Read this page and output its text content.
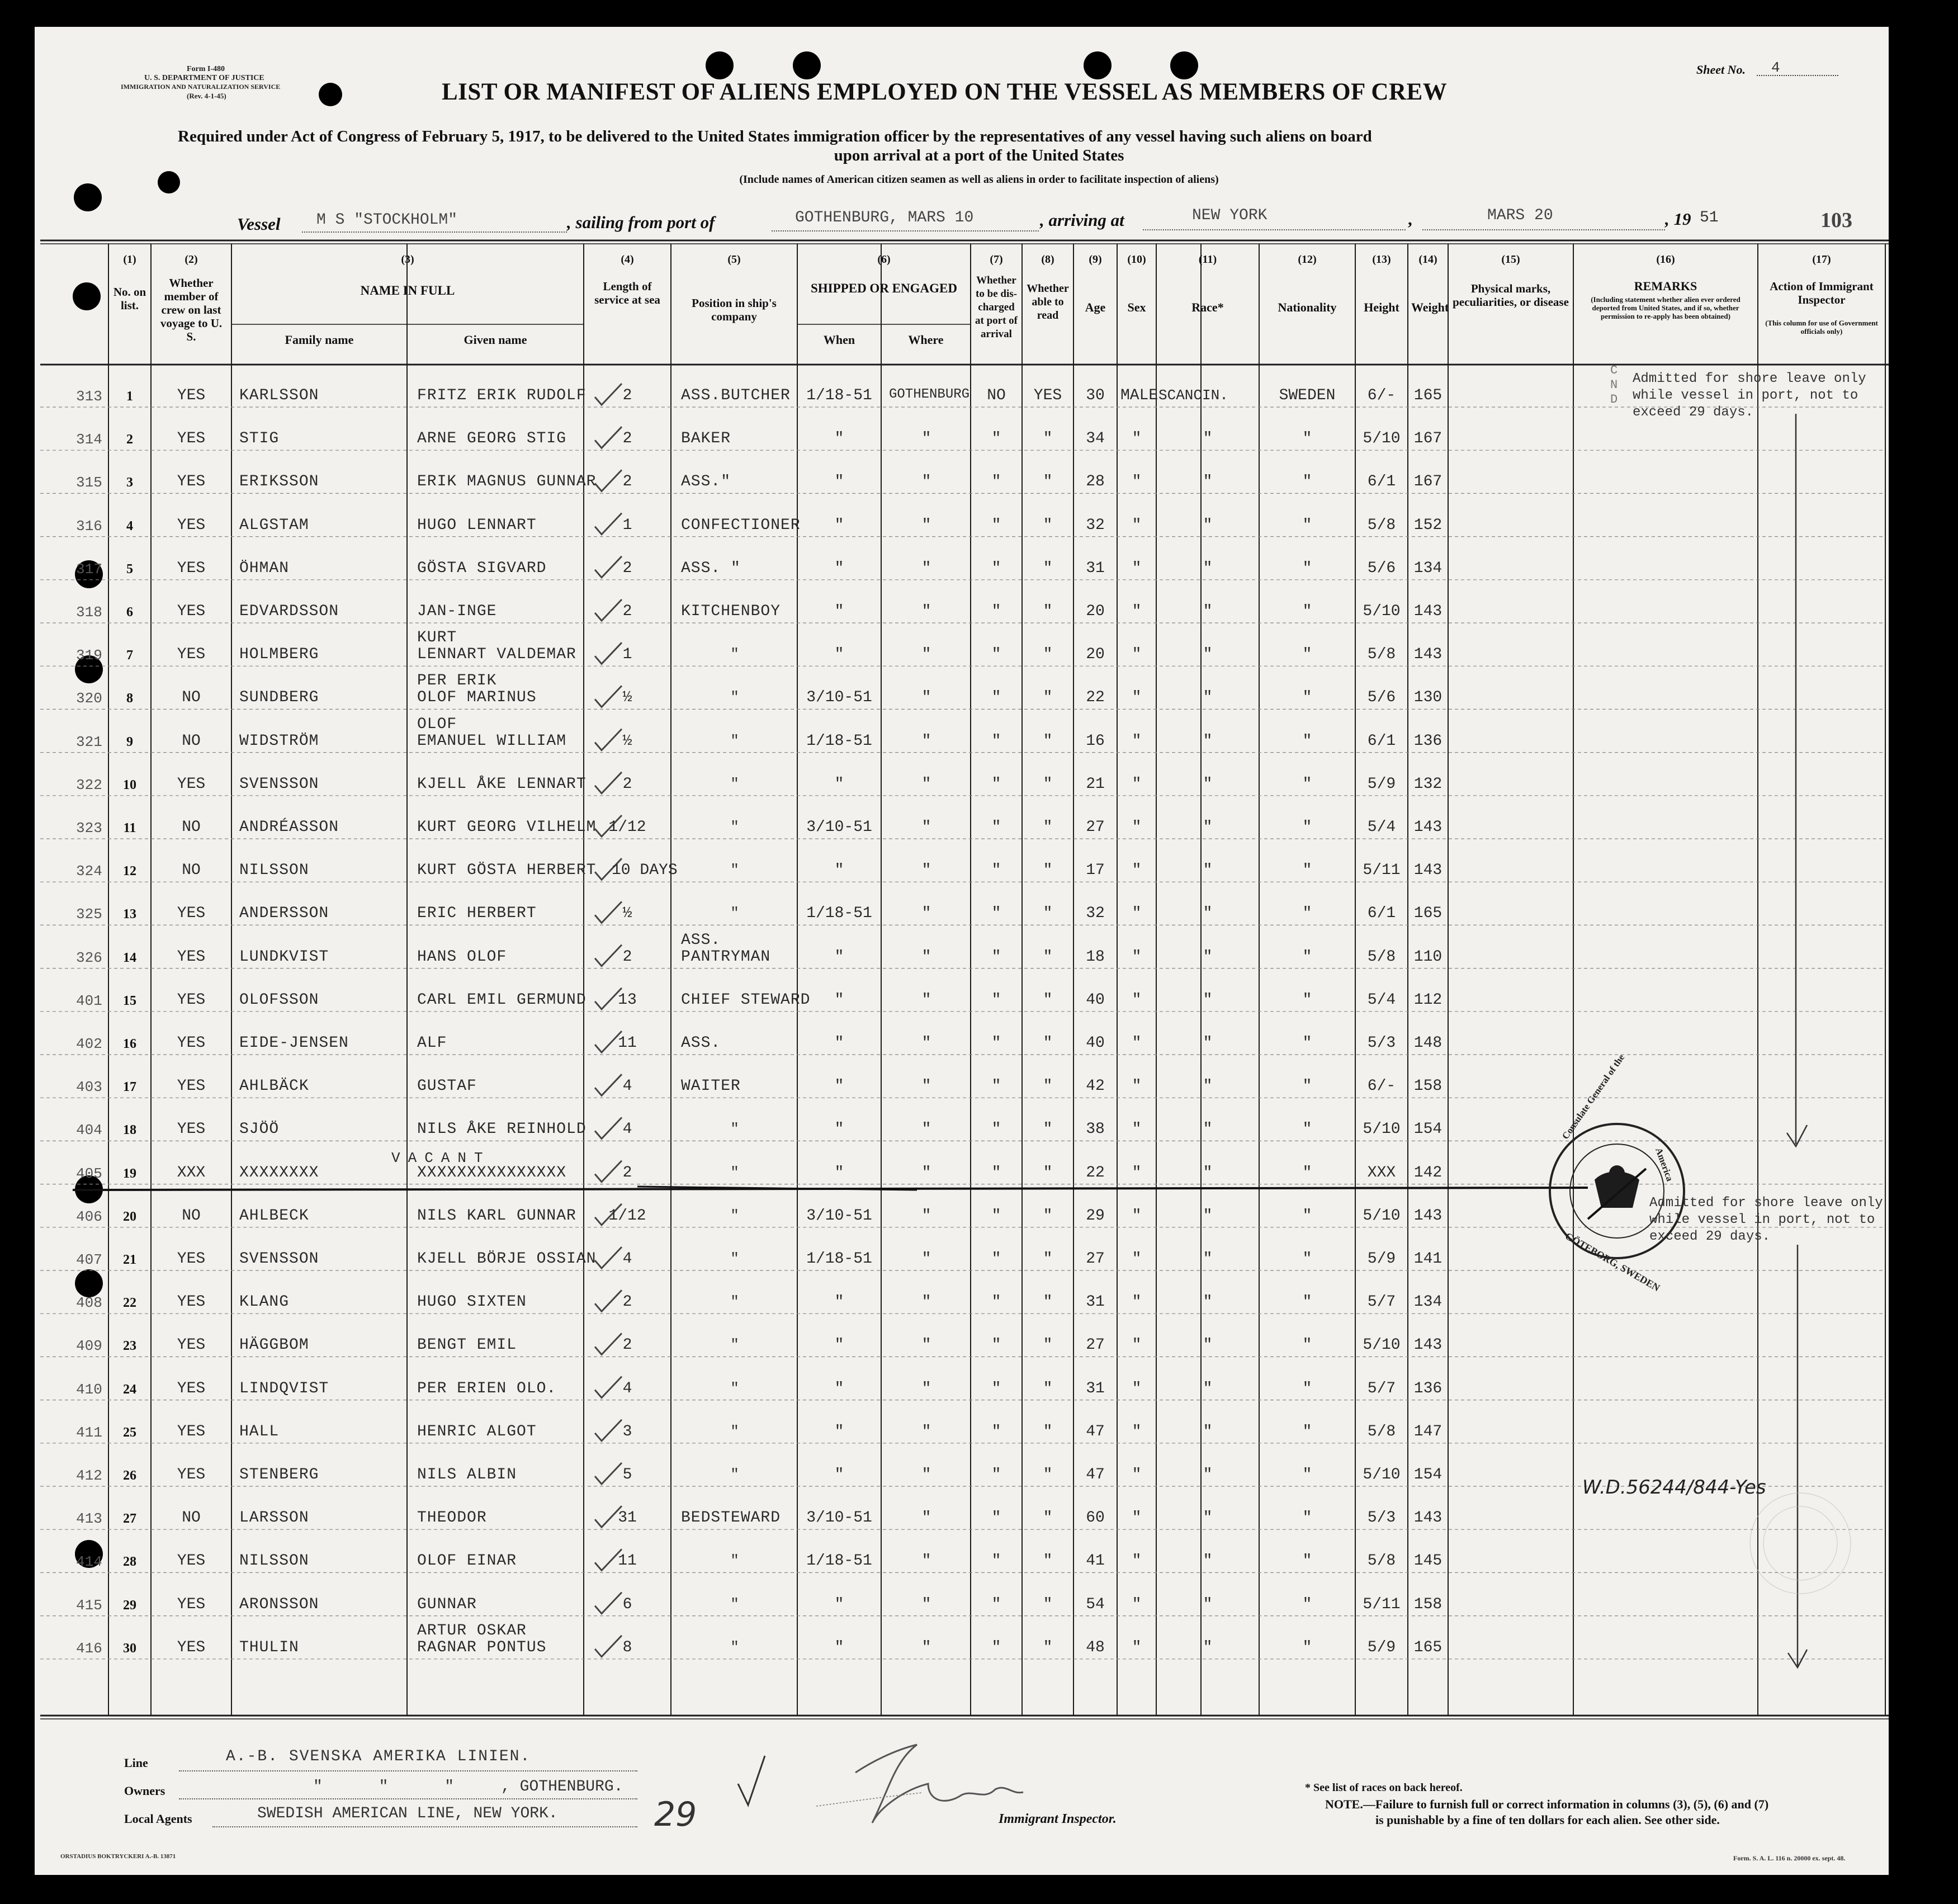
Form I-480
U. S. DEPARTMENT OF JUSTICE
IMMIGRATION AND NATURALIZATION SERVICE
(Rev. 4-1-45)
Sheet No. 4
LIST OR MANIFEST OF ALIENS EMPLOYED ON THE VESSEL AS MEMBERS OF CREW
Required under Act of Congress of February 5, 1917, to be delivered to the United States immigration officer by the representatives of any vessel having such aliens on board
upon arrival at a port of the United States
(Include names of American citizen seamen as well as aliens in order to facilitate inspection of aliens)
Vessel M S "STOCKHOLM"	, sailing from port of	GOTHENBURG, MARS 10	, arriving at	NEW YORK	,	MARS 20	, 19 51	103
(1)	(2)	(3)	(4)	(5)	(6)	(7)	(8)	(9)	(10)	(11)	(12)	(13)	(14)	(15)	(16)	(17)
No. on list.
Whether member of crew on last voyage to U. S.
NAME IN FULL	Length of service at sea	Position in ship's company
SHIPPED OR ENGAGED
Whether to be dis-charged at port of arrival
Whether able to read
Age	Sex	Race*	Nationality	Height Weight
Physical marks, peculiarities, or disease
REMARKS	Action of Immigrant Inspector
Family name	Given name	When	Where
(Including statement whether alien ever ordered deported from United States, and if so, whether permission to re-apply has been obtained)
(This column for use of Government officials only)
313	1	YES	KARLSSON	FRITZ ERIK RUDOLF	2	ASS.BUTCHER	1/18-51	GOTHENBURG	NO	YES	30	MALE SCANCIN.	SWEDEN	6/-	165
314	2	YES	STIG	ARNE GEORG STIG	2	BAKER	"	"	"	"	34	"	"	"	5/10 167
315	3	YES	ERIKSSON	ERIK MAGNUS GUNNAR	2	ASS."	"	"	"	"	28	"	"	"	6/1	167
316	4	YES	ALGSTAM	HUGO LENNART	1	CONFECTIONER	"	"	"	"	32	"	"	"	5/8	152
317	5	YES	ÖHMAN	GÖSTA SIGVARD	2	ASS. "	"	"	"	"	31	"	"	"	5/6	134
318	6	YES	EDVARDSSON	JAN-INGE	2	KITCHENBOY	"	"	"	"	20	"	"	"	5/10 143
319	7	YES	HOLMBERG
KURT
LENNART VALDEMAR	1	"	"	"	"	"	20	"	"	"	5/8	143
320	8	NO	SUNDBERG
PER ERIK
OLOF MARINUS	½	"	3/10-51	"	"	"	22	"	"	"	5/6	130
321	9	NO	WIDSTRÖM
OLOF
EMANUEL WILLIAM	½	"	1/18-51	"	"	"	16	"	"	"	6/1	136
322	10	YES	SVENSSON	KJELL ÅKE LENNART	2	"	"	"	"	"	21	"	"	"	5/9	132
323	11	NO	ANDRÉASSON	KURT GEORG VILHELM 1/12	"	3/10-51	"	"	"	27	"	"	"	5/4	143
324	12	NO	NILSSON	KURT GÖSTA HERBERT 10 DAYS	"	"	"	"	"	17	"	"	"	5/11 143
325	13	YES	ANDERSSON	ERIC HERBERT	½	"	1/18-51	"	"	"	32	"	"	"	6/1	165
326	14	YES	LUNDKVIST	HANS OLOF	2
ASS.
PANTRYMAN	"	"	"	"	18	"	"	"	5/8	110
401	15	YES	OLOFSSON	CARL EMIL GERMUND	13	CHIEF STEWARD	"	"	"	"	40	"	"	"	5/4	112
402	16	YES	EIDE-JENSEN	ALF	11	ASS.	"	"	"	"	40	"	"	"	5/3	148
403	17	YES	AHLBÄCK	GUSTAF	4	WAITER	"	"	"	"	42	"	"	"	6/-	158
404	18	YES	SJÖÖ	NILS ÅKE REINHOLD	4	"	"	"	"	"	38	"	"	"	5/10 154
405	19	XXX	XXXXXXXX
VACANT
XXXXXXXXXXXXXXX	2	"	"	"	"	"	22	"	"	"	XXX	142
406	20	NO	AHLBECK	NILS KARL GUNNAR	1/12	"	3/10-51	"	"	"	29	"	"	"	5/10 143
407	21	YES	SVENSSON	KJELL BÖRJE OSSIAN	4	"	1/18-51	"	"	"	27	"	"	"	5/9	141
408	22	YES	KLANG	HUGO SIXTEN	2	"	"	"	"	"	31	"	"	"	5/7	134
409	23	YES	HÄGGBOM	BENGT EMIL	2	"	"	"	"	"	27	"	"	"	5/10 143
410	24	YES	LINDQVIST	PER ERIEN OLO.	4	"	"	"	"	"	31	"	"	"	5/7	136
411	25	YES	HALL	HENRIC ALGOT	3	"	"	"	"	"	47	"	"	"	5/8	147
412	26	YES	STENBERG	NILS ALBIN	5	"	"	"	"	"	47	"	"	"	5/10 154
413	27	NO	LARSSON	THEODOR	31	BEDSTEWARD	3/10-51	"	"	"	60	"	"	"	5/3	143
414	28	YES	NILSSON	OLOF EINAR	11	"	1/18-51	"	"	"	41	"	"	"	5/8	145
415	29	YES	ARONSSON	GUNNAR	6	"	"	"	"	"	54	"	"	"	5/11 158
416	30	YES	THULIN
ARTUR OSKAR
RAGNAR PONTUS	8	"	"	"	"	"	48	"	"	"	5/9	165
Admitted for shore leave only
while vessel in port, not to
exceed 29 days.
C N D
Admitted for shore leave only
while vessel in port, not to
exceed 29 days.
Consulate General of the
America
GÖTEBORG, SWEDEN
W.D.56244/844-Yes
Line	A.-B. SVENSKA AMERIKA LINIEN.
Owners	"      "      "     , GOTHENBURG.
Local Agents	SWEDISH AMERICAN LINE, NEW YORK.	29	Immigrant Inspector.
* See list of races on back hereof.
NOTE.—Failure to furnish full or correct information in columns (3), (5), (6) and (7)
is punishable by a fine of ten dollars for each alien. See other side.
ORSTADIUS BOKTRYCKERI A.-B. 13871	Form. S. A. L. 116 n. 20000 ex. sept. 48.
